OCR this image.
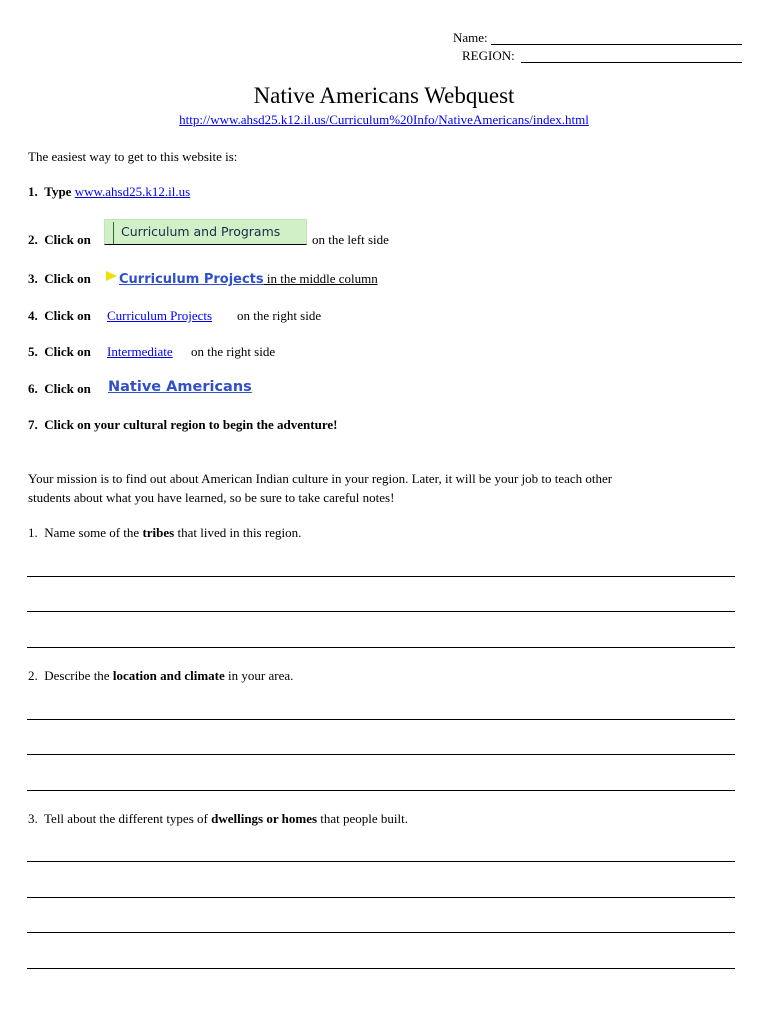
Name:
REGION:
Native Americans Webquest
http://www.ahsd25.k12.il.us/Curriculum%20Info/NativeAmericans/index.html
The easiest way to get to this website is:
1. Type www.ahsd25.k12.il.us
2. Click on
Curriculum and Programs
on the left side
3. Click on Curriculum Projects in the middle column
4. Click on Curriculum Projects on the right side
5. Click on Intermediate on the right side
6. Click on Native Americans
7. Click on your cultural region to begin the adventure!
Your mission is to find out about American Indian culture in your region. Later, it will be your job to teach other
students about what you have learned, so be sure to take careful notes!
1. Name some of the tribes that lived in this region.
2. Describe the location and climate in your area.
3. Tell about the different types of dwellings or homes that people built.
